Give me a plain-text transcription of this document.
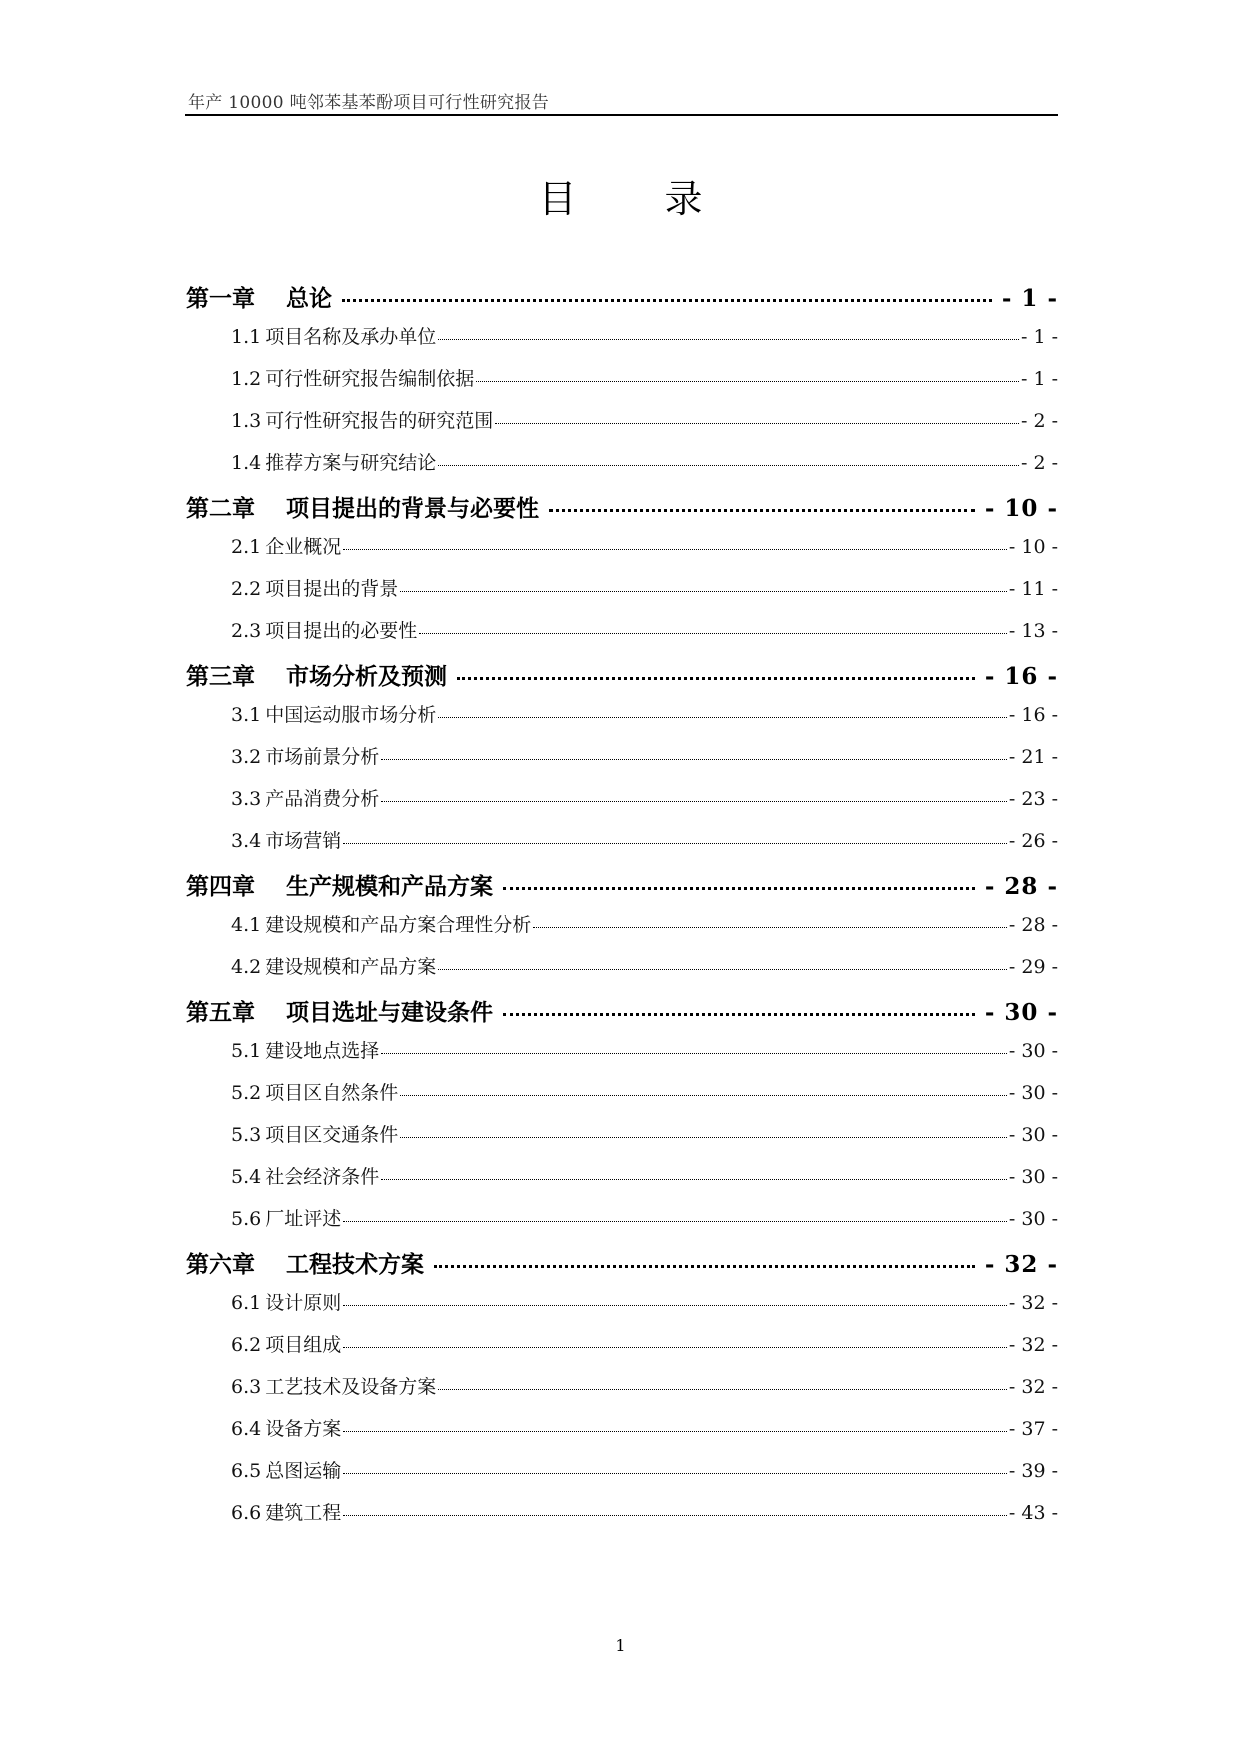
年产 10000 吨邻苯基苯酚项目可行性研究报告
目 录
第一章 总论	- 1 -
1.1 项目名称及承办单位	- 1 -
1.2 可行性研究报告编制依据	- 1 -
1.3 可行性研究报告的研究范围	- 2 -
1.4 推荐方案与研究结论	- 2 -
第二章 项目提出的背景与必要性	- 10 -
2.1 企业概况	- 10 -
2.2 项目提出的背景	- 11 -
2.3 项目提出的必要性	- 13 -
第三章 市场分析及预测	- 16 -
3.1 中国运动服市场分析	- 16 -
3.2 市场前景分析	- 21 -
3.3 产品消费分析	- 23 -
3.4 市场营销	- 26 -
第四章 生产规模和产品方案	- 28 -
4.1 建设规模和产品方案合理性分析	- 28 -
4.2 建设规模和产品方案	- 29 -
第五章 项目选址与建设条件	- 30 -
5.1 建设地点选择	- 30 -
5.2 项目区自然条件	- 30 -
5.3 项目区交通条件	- 30 -
5.4 社会经济条件	- 30 -
5.6 厂址评述	- 30 -
第六章 工程技术方案	- 32 -
6.1 设计原则	- 32 -
6.2 项目组成	- 32 -
6.3 工艺技术及设备方案	- 32 -
6.4 设备方案	- 37 -
6.5 总图运输	- 39 -
6.6 建筑工程	- 43 -
1
